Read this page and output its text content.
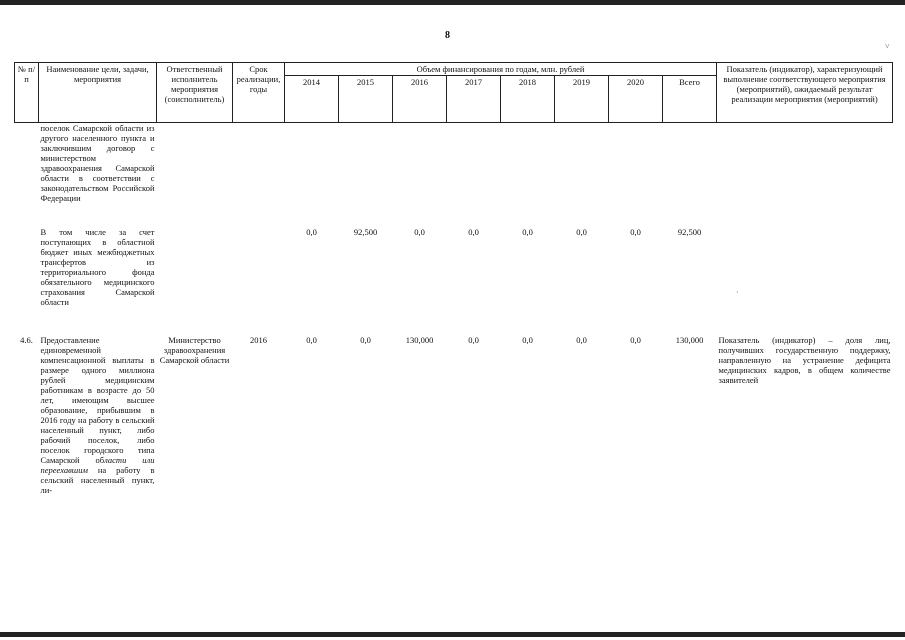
8
№ п/п	Наименование цели, задачи, мероприятия	Ответственный исполнитель мероприятия (соисполнитель)	Срок реализации, годы	Объем финансирования по годам, млн. рублей								Показатель (индикатор), характеризующий выполнение соответствующего мероприятия (мероприятий), ожидаемый результат реализации мероприятия (мероприятий)
				2014	2015	2016	2017	2018	2019	2020	Всего	
	поселок Самарской области из другого населенного пункта и заключившим договор с министерством здравоохранения Самарской области в соответствии с законодательством Российской Федерации											
	В том числе за счет поступающих в областной бюджет иных межбюджетных трансфертов из территориального фонда обязательного медицинского страхования Самарской области			0,0	92,500	0,0	0,0	0,0	0,0	0,0	92,500	
4.6.	Предоставление единовременной компенсационной выплаты в размере одного миллиона рублей медицинским работникам в возрасте до 50 лет, имеющим высшее образование, прибывшим в 2016 году на работу в сельский населенный пункт, либо рабочий поселок, либо поселок городского типа Самарской области или переехавшим на работу в сельский населенный пункт, ли-	Министерство здравоохранения Самарской области	2016	0,0	0,0	130,000	0,0	0,0	0,0	0,0	130,000	Показатель (индикатор) – доля лиц, получивших государственную поддержку, направленную на устранение дефицита медицинских кадров, в общем количестве заявителей
˅
·
